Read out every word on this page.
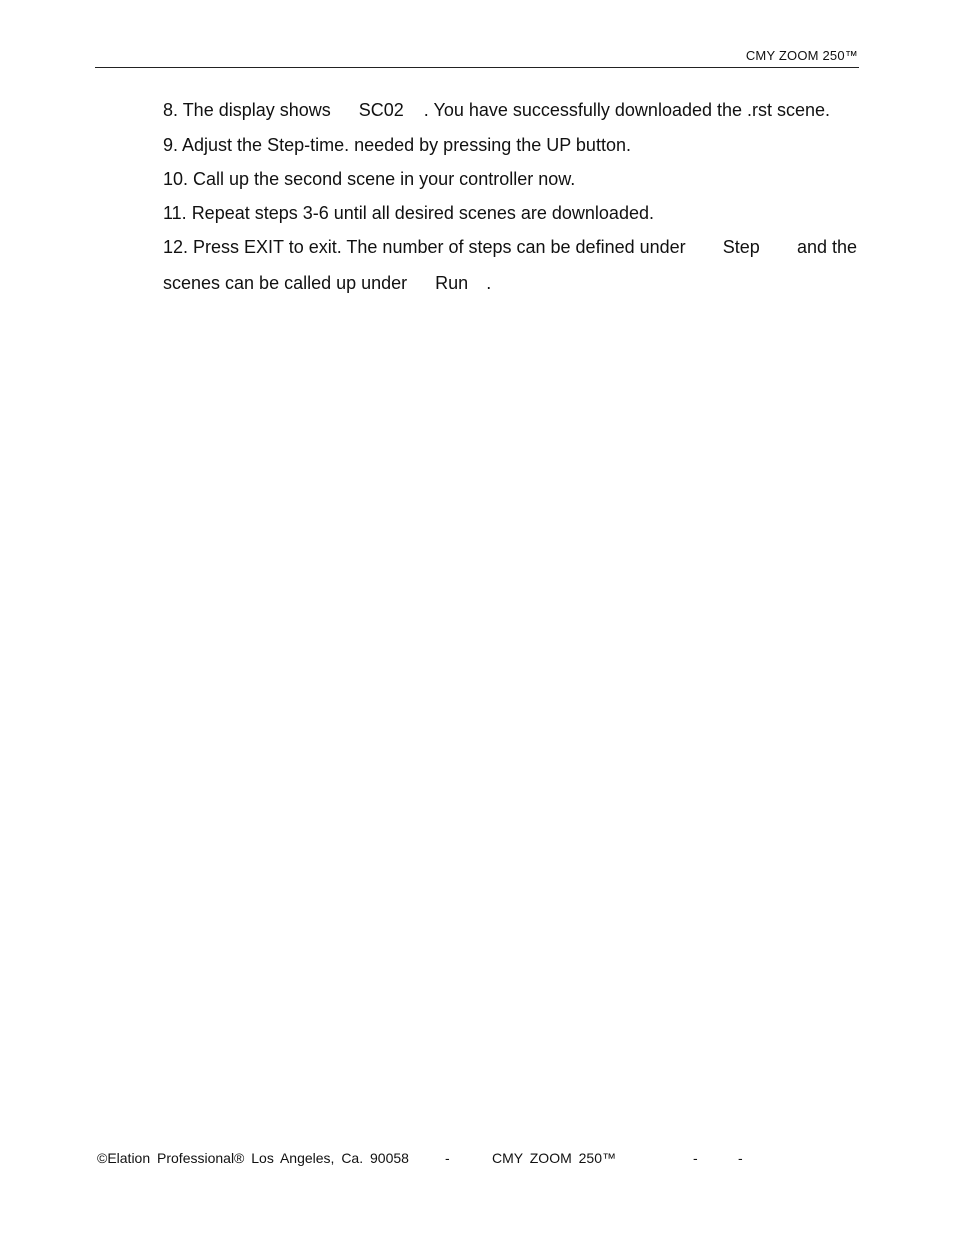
CMY ZOOM 250™
8. The display shows SC02 . You have successfully downloaded the .rst scene.
9. Adjust the Step-time. needed by pressing the UP button.
10. Call up the second scene in your controller now.
11. Repeat steps 3-6 until all desired scenes are downloaded.
12. Press EXIT to exit. The number of steps can be defined under Step and the
scenes can be called up under Run .
©Elation Professional® Los Angeles, Ca. 90058	-	CMY ZOOM 250™	-	-
